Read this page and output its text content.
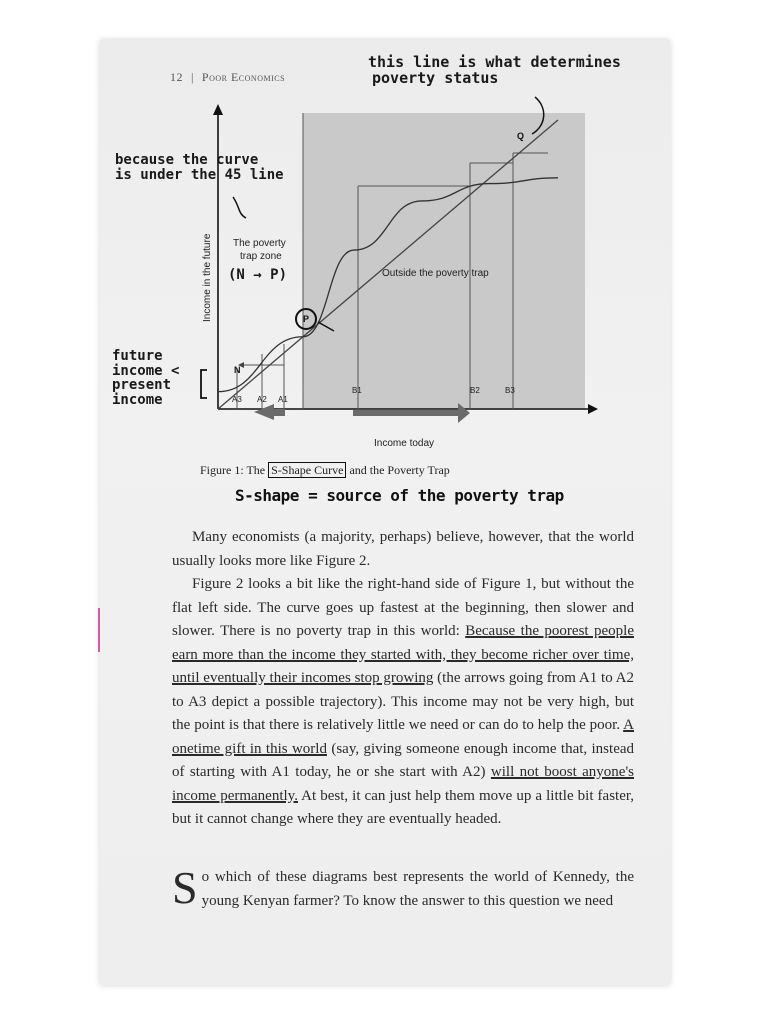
12 | Poor Economics
this line is what determines
poverty status
because the curve
is under the 45 line
(N → P)
future
income <
present
income
S-shape = source of the poverty trap
N
P
Q
The poverty
trap zone
Outside the poverty trap
A3 A2 A1
B1	B2	B3
Income in the future
Income today
Figure 1: The S-Shape Curve and the Poverty Trap

Many economists (a majority, perhaps) believe, however, that the world usually looks more like Figure 2.

Figure 2 looks a bit like the right-hand side of Figure 1, but without the flat left side. The curve goes up fastest at the beginning, then slower and slower. There is no poverty trap in this world: Because the poorest people earn more than the income they started with, they become richer over time, until eventually their incomes stop growing (the arrows going from A1 to A2 to A3 depict a possible trajectory). This income may not be very high, but the point is that there is relatively little we need or can do to help the poor. A onetime gift in this world (say, giving someone enough income that, instead of starting with A1 today, he or she start with A2) will not boost anyone's income permanently. At best, it can just help them move up a little bit faster, but it cannot change where they are eventually headed.

So which of these diagrams best represents the world of Kennedy, the young Kenyan farmer? To know the answer to this question we need
